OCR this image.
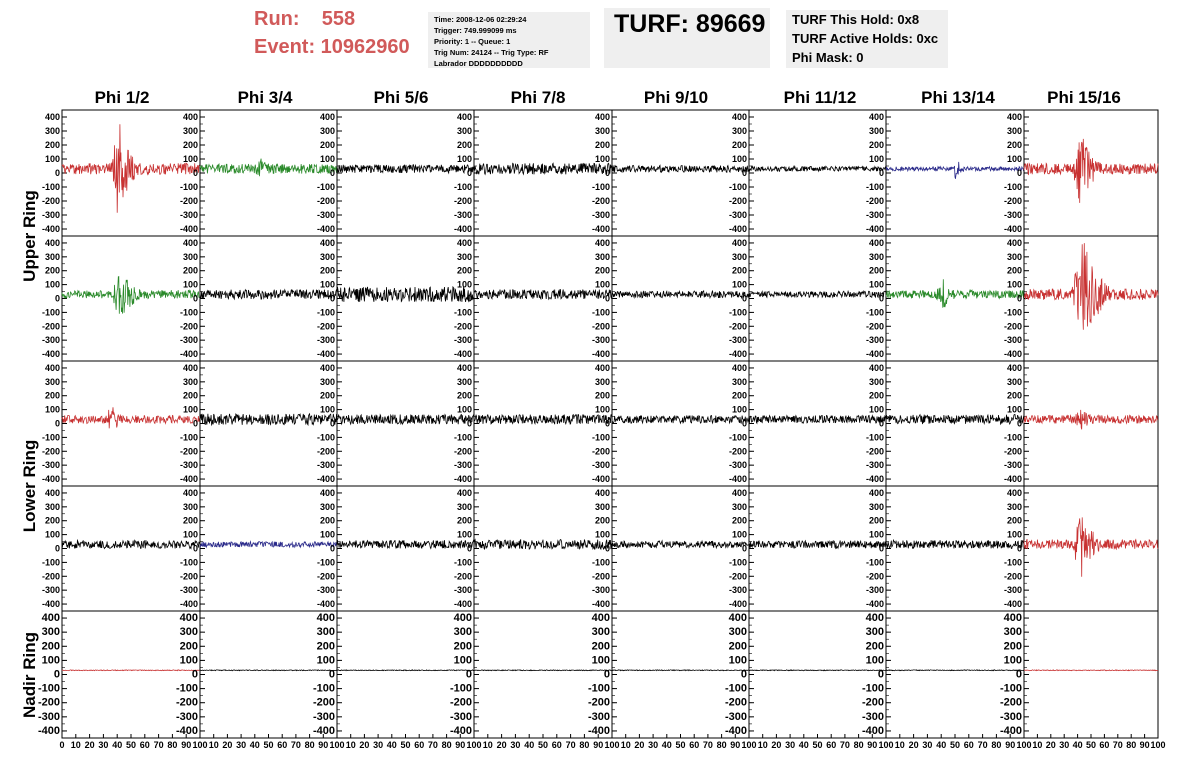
Run:    558
Event: 10962960
Time: 2008-12-06 02:29:24
Trigger: 749.999099 ms
Priority: 1 -- Queue: 1
Trig Num: 24124 -- Trig Type: RF
Labrador DDDDDDDDDD
TURF: 89669 TURF This Hold: 0x8
TURF Active Holds: 0xc
Phi Mask: 0
Phi 1/2	Phi 3/4	Phi 5/6	Phi 7/8	Phi 9/10	Phi 11/12	Phi 13/14	Phi 15/16
Upper Ring
Lower Ring
Nadir Ring
400
300
200
100
0
-100
-200
-300
-400
400
300
200
100
0
-100
-200
-300
-400
400
300
200
100
0
-100
-200
-300
-400
400
300
200
100
0
-100
-200
-300
-400
400
300
200
100
0
-100
-200
-300
-400
400
300
200
100
0
-100
-200
-300
-400
400
300
200
100
0
-100
-200
-300
-400
400
300
200
100
0
-100
-200
-300
-400
400
300
200
100
0
-100
-200
-300
-400
400
300
200
100
0
-100
-200
-300
-400
400
300
200
100
0
-100
-200
-300
-400
400
300
200
100
0
-100
-200
-300
-400
400
300
200
100
0
-100
-200
-300
-400
400
300
200
100
0
-100
-200
-300
-400
400
300
200
100
0
-100
-200
-300
-400
400
300
200
100
0
-100
-200
-300
-400
400
300
200
100
0
-100
-200
-300
-400
400
300
200
100
0
-100
-200
-300
-400
400
300
200
100
0
-100
-200
-300
-400
400
300
200
100
0
-100
-200
-300
-400
400
300
200
100
0
-100
-200
-300
-400
400
300
200
100
0
-100
-200
-300
-400
400
300
200
100
0
-100
-200
-300
-400
400
300
200
100
0
-100
-200
-300
-400
400
300
200
100
0
-100
-200
-300
-400
400
300
200
100
0
-100
-200
-300
-400
400
300
200
100
0
-100
-200
-300
-400
400
300
200
100
0
-100
-200
-300
-400
400
300
200
100
0
-100
-200
-300
-400
400
300
200
100
0
-100
-200
-300
-400
400
300
200
100
0
-100
-200
-300
-400
400
300
200
100
0
-100
-200
-300
-400
400
300
200
100
0
-100
-200
-300
-400
400
300
200
100
0
-100
-200
-300
-400
400
300
200
100
0
-100
-200
-300
-400
400
300
200
100
0
-100
-200
-300
-400
400
300
200
100
0
-100
-200
-300
-400
400
300
200
100
0
-100
-200
-300
-400
400
300
200
100
0
-100
-200
-300
-400
400
300
200
100
0
-100
-200
-300
-400
0 10 20 30 40 50 60 70 80 90 100 10 20 30 40 50 60 70 80 90 100 10 20 30 40 50 60 70 80 90 100 10 20 30 40 50 60 70 80 90 100 10 20 30 40 50 60 70 80 90 100 10 20 30 40 50 60 70 80 90 100 10 20 30 40 50 60 70 80 90 100 10 20 30 40 50 60 70 80 90 100
